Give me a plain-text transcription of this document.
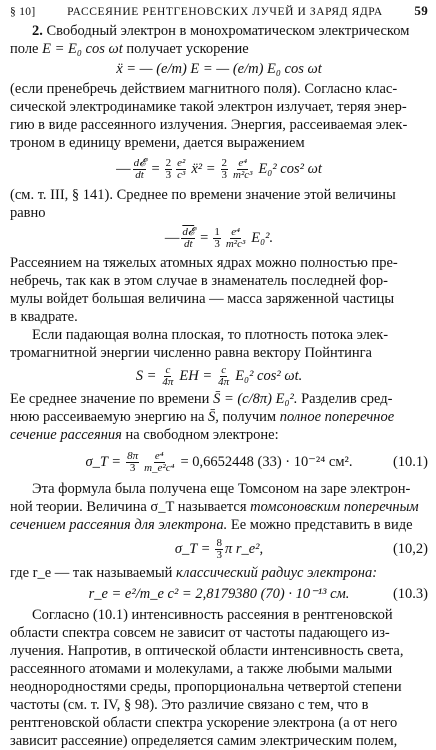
§ 10]	РАССЕЯНИЕ РЕНТГЕНОВСКИХ ЛУЧЕЙ И ЗАРЯД ЯДРА 59

2. Свободный электрон в монохроматическом электрическом
поле E = E₀ cos ωt получает ускорение

ẍ = — (e/m) E = — (e/m) E₀ cos ωt

(если пренебречь действием магнитного поля). Согласно клас-
сической электродинамике такой электрон излучает, теряя энер-
гию в виде рассеянного излучения. Энергия, рассеиваемая элек-
троном в единицу времени, дается выражением

— $\frac{\text{d𝓔}}{dt} = \frac{2}{3} \frac{\text{e²}}{\text{c³}}$ ẍ² = $\frac{2}{3} \frac{\text{e⁴}}{\text{m²c³}} E_0^2$ cos² ωt

(см. т. III, § 141). Среднее по времени значение этой величины
равно

— $\frac{\text{d𝓔}}{dt} = \frac{1}{3} \frac{\text{e⁴}}{\text{m²c³}} E_0^2$.

Рассеянием на тяжелых атомных ядрах можно полностью пре-
небречь, так как в этом случае в знаменатель последней фор-
мулы войдет большая величина — масса заряженной частицы
в квадрате.

Если падающая волна плоская, то плотность потока элек-
тромагнитной энергии численно равна вектору Пойнтинга

$S = \frac{c}{4\pi}$ EH = $\frac{c}{4\pi} E_0^2$ cos² ωt.

Ее среднее значение по времени S̄ = (c/8π) E₀². Разделив сред-
нюю рассеиваемую энергию на S̄, получим полное поперечное
сечение рассеяния на свободном электроне:

σ_T = $\frac{8\pi}{3} \frac{\text{e⁴}}{\text{m\_e²c⁴}} = 0,6652448$ (33) · 10⁻²⁴ см².	(10.1)

Эта формула была получена еще Томсоном на заре электрон-
ной теории. Величина σ_T называется томсоновским поперечным
сечением рассеяния для электрона. Ее можно представить в виде

σ_T = $\frac{8}{3}$ π r_e²,	(10,2)

где r_e — так называемый классический радиус электрона:

r_e = e²/m_e c² = 2,8179380 (70) · 10⁻¹³ см.	(10.3)

Согласно (10.1) интенсивность рассеяния в рентгеновской
области спектра совсем не зависит от частоты падающего из-
лучения. Напротив, в оптической области интенсивность света,
рассеянного атомами и молекулами, а также любыми малыми
неоднородностями среды, пропорциональна четвертой степени
частоты (см. т. IV, § 98). Это различие связано с тем, что в
рентгеновской области спектра ускорение электрона (а от него
зависит рассеяние) определяется самим электрическим полем,
